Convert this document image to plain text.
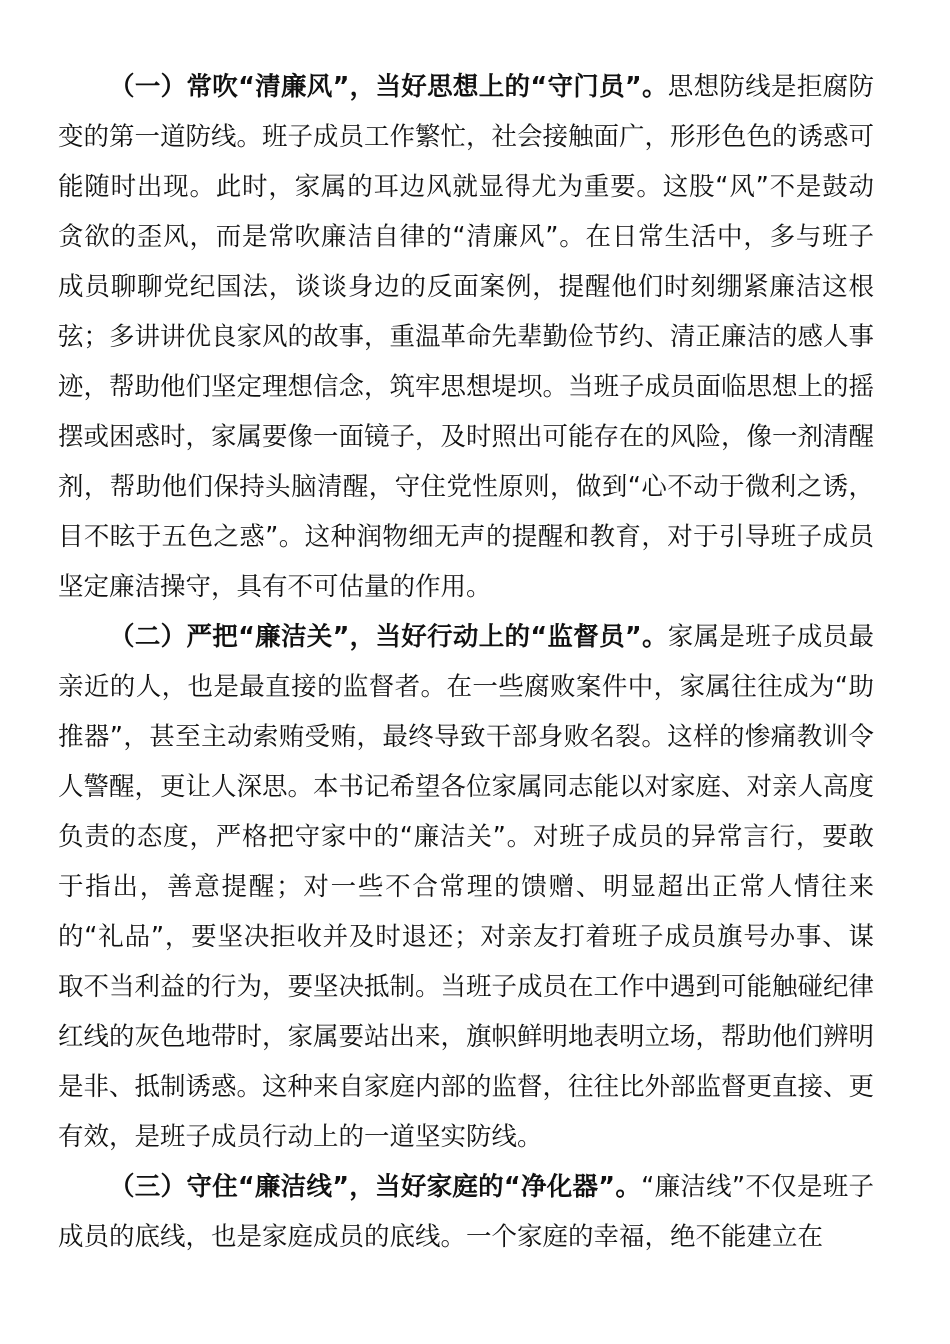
（一）常吹“清廉风”，当好思想上的“守门员”。思想防线是拒腐防变的第一道防线。班子成员工作繁忙，社会接触面广，形形色色的诱惑可能随时出现。此时，家属的耳边风就显得尤为重要。这股“风”不是鼓动贪欲的歪风，而是常吹廉洁自律的“清廉风”。在日常生活中，多与班子成员聊聊党纪国法，谈谈身边的反面案例，提醒他们时刻绷紧廉洁这根弦；多讲讲优良家风的故事，重温革命先辈勤俭节约、清正廉洁的感人事迹，帮助他们坚定理想信念，筑牢思想堤坝。当班子成员面临思想上的摇摆或困惑时，家属要像一面镜子，及时照出可能存在的风险，像一剂清醒剂，帮助他们保持头脑清醒，守住党性原则，做到“心不动于微利之诱，目不眩于五色之惑”。这种润物细无声的提醒和教育，对于引导班子成员坚定廉洁操守，具有不可估量的作用。

（二）严把“廉洁关”，当好行动上的“监督员”。家属是班子成员最亲近的人，也是最直接的监督者。在一些腐败案件中，家属往往成为“助推器”，甚至主动索贿受贿，最终导致干部身败名裂。这样的惨痛教训令人警醒，更让人深思。本书记希望各位家属同志能以对家庭、对亲人高度负责的态度，严格把守家中的“廉洁关”。对班子成员的异常言行，要敢于指出，善意提醒；对一些不合常理的馈赠、明显超出正常人情往来的“礼品”，要坚决拒收并及时退还；对亲友打着班子成员旗号办事、谋取不当利益的行为，要坚决抵制。当班子成员在工作中遇到可能触碰纪律红线的灰色地带时，家属要站出来，旗帜鲜明地表明立场，帮助他们辨明是非、抵制诱惑。这种来自家庭内部的监督，往往比外部监督更直接、更有效，是班子成员行动上的一道坚实防线。

（三）守住“廉洁线”，当好家庭的“净化器”。“廉洁线”不仅是班子成员的底线，也是家庭成员的底线。一个家庭的幸福，绝不能建立在
